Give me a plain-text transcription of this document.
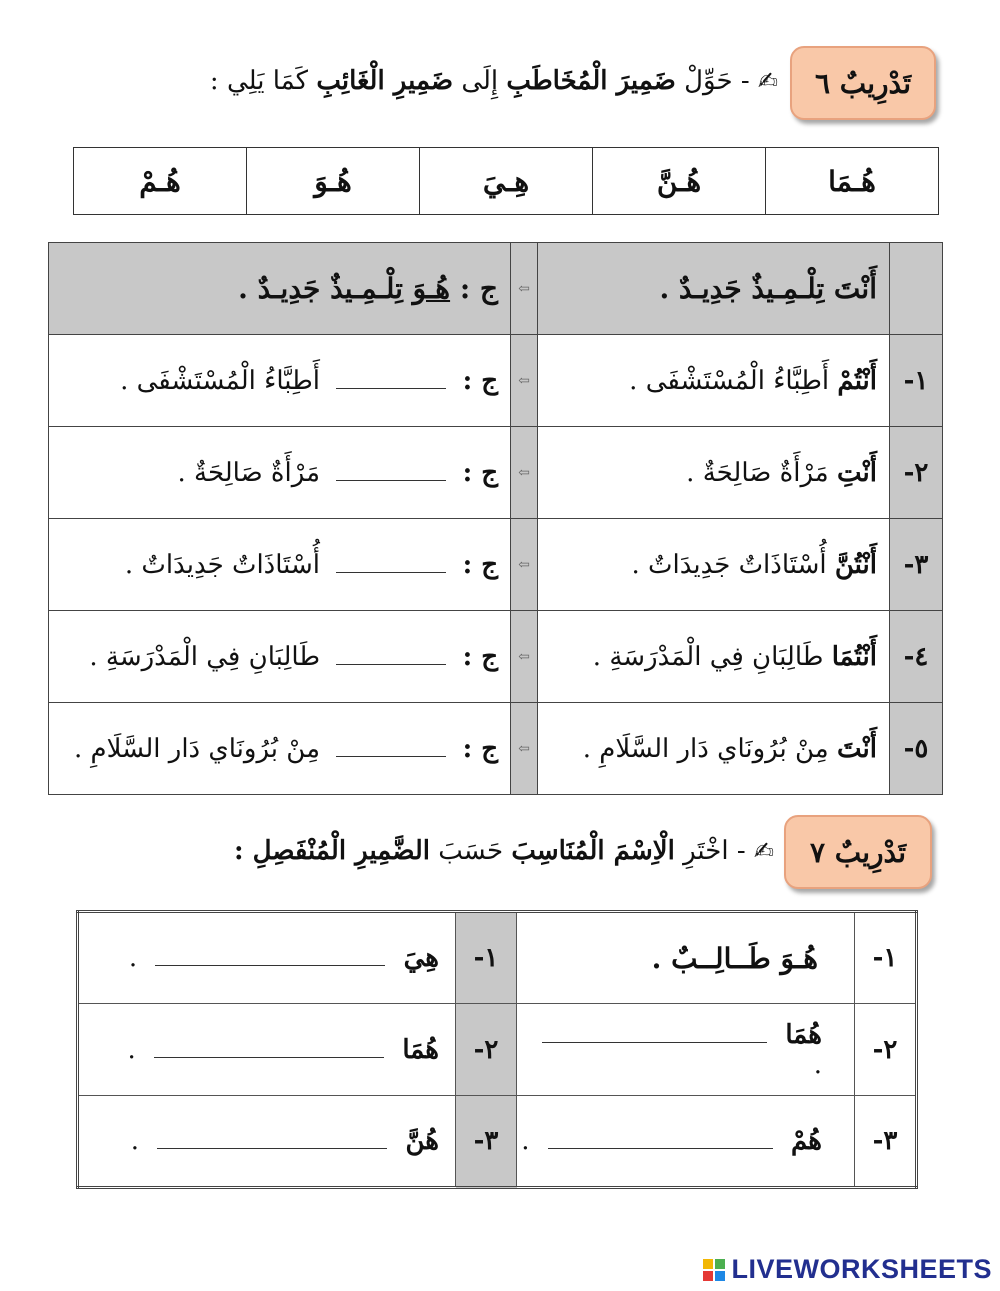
تَدْرِيبٌ ٦
✍ - حَوِّلْ ضَمِيرَ الْمُخَاطَبِ إِلَى ضَمِيرِ الْغَائِبِ كَمَا يَلِي :
هُـمَا	هُـنَّ	هِـيَ	هُـوَ	هُـمْ
	أَنْتَ تِلْـمِـيذٌ جَدِيـدٌ .	⇦	ج : هُـوَ تِلْـمِـيذٌ جَدِيـدٌ .
١-	أَنْتُمْ أَطِبَّاءُ الْمُسْتَشْفَى .	⇦	ج :  أَطِبَّاءُ الْمُسْتَشْفَى .
٢-	أَنْتِ مَرْأَةٌ صَالِحَةٌ .	⇦	ج :  مَرْأَةٌ صَالِحَةٌ .
٣-	أَنْتُنَّ أُسْتَاذَاتٌ جَدِيدَاتٌ .	⇦	ج :  أُسْتَاذَاتٌ جَدِيدَاتٌ .
٤-	أَنْتُمَا طَالِبَانِ فِي الْمَدْرَسَةِ .	⇦	ج :  طَالِبَانِ فِي الْمَدْرَسَةِ .
٥-	أَنْتَ مِنْ بُرُونَاي دَار السَّلَامِ .	⇦	ج :  مِنْ بُرُونَاي دَار السَّلَامِ .
تَدْرِيبٌ ٧
✍ - اخْتَرِ الْاِسْمَ الْمُنَاسِبَ حَسَبَ الضَّمِيرِ الْمُنْفَصِلِ :
١-	هُـوَ طَــالِــبٌ .	١-	هِيَ  .
٢-	هُمَا  .	٢-	هُمَا  .
٣-	هُمْ  .	٣-	هُنَّ  .
LIVEWORKSHEETS
